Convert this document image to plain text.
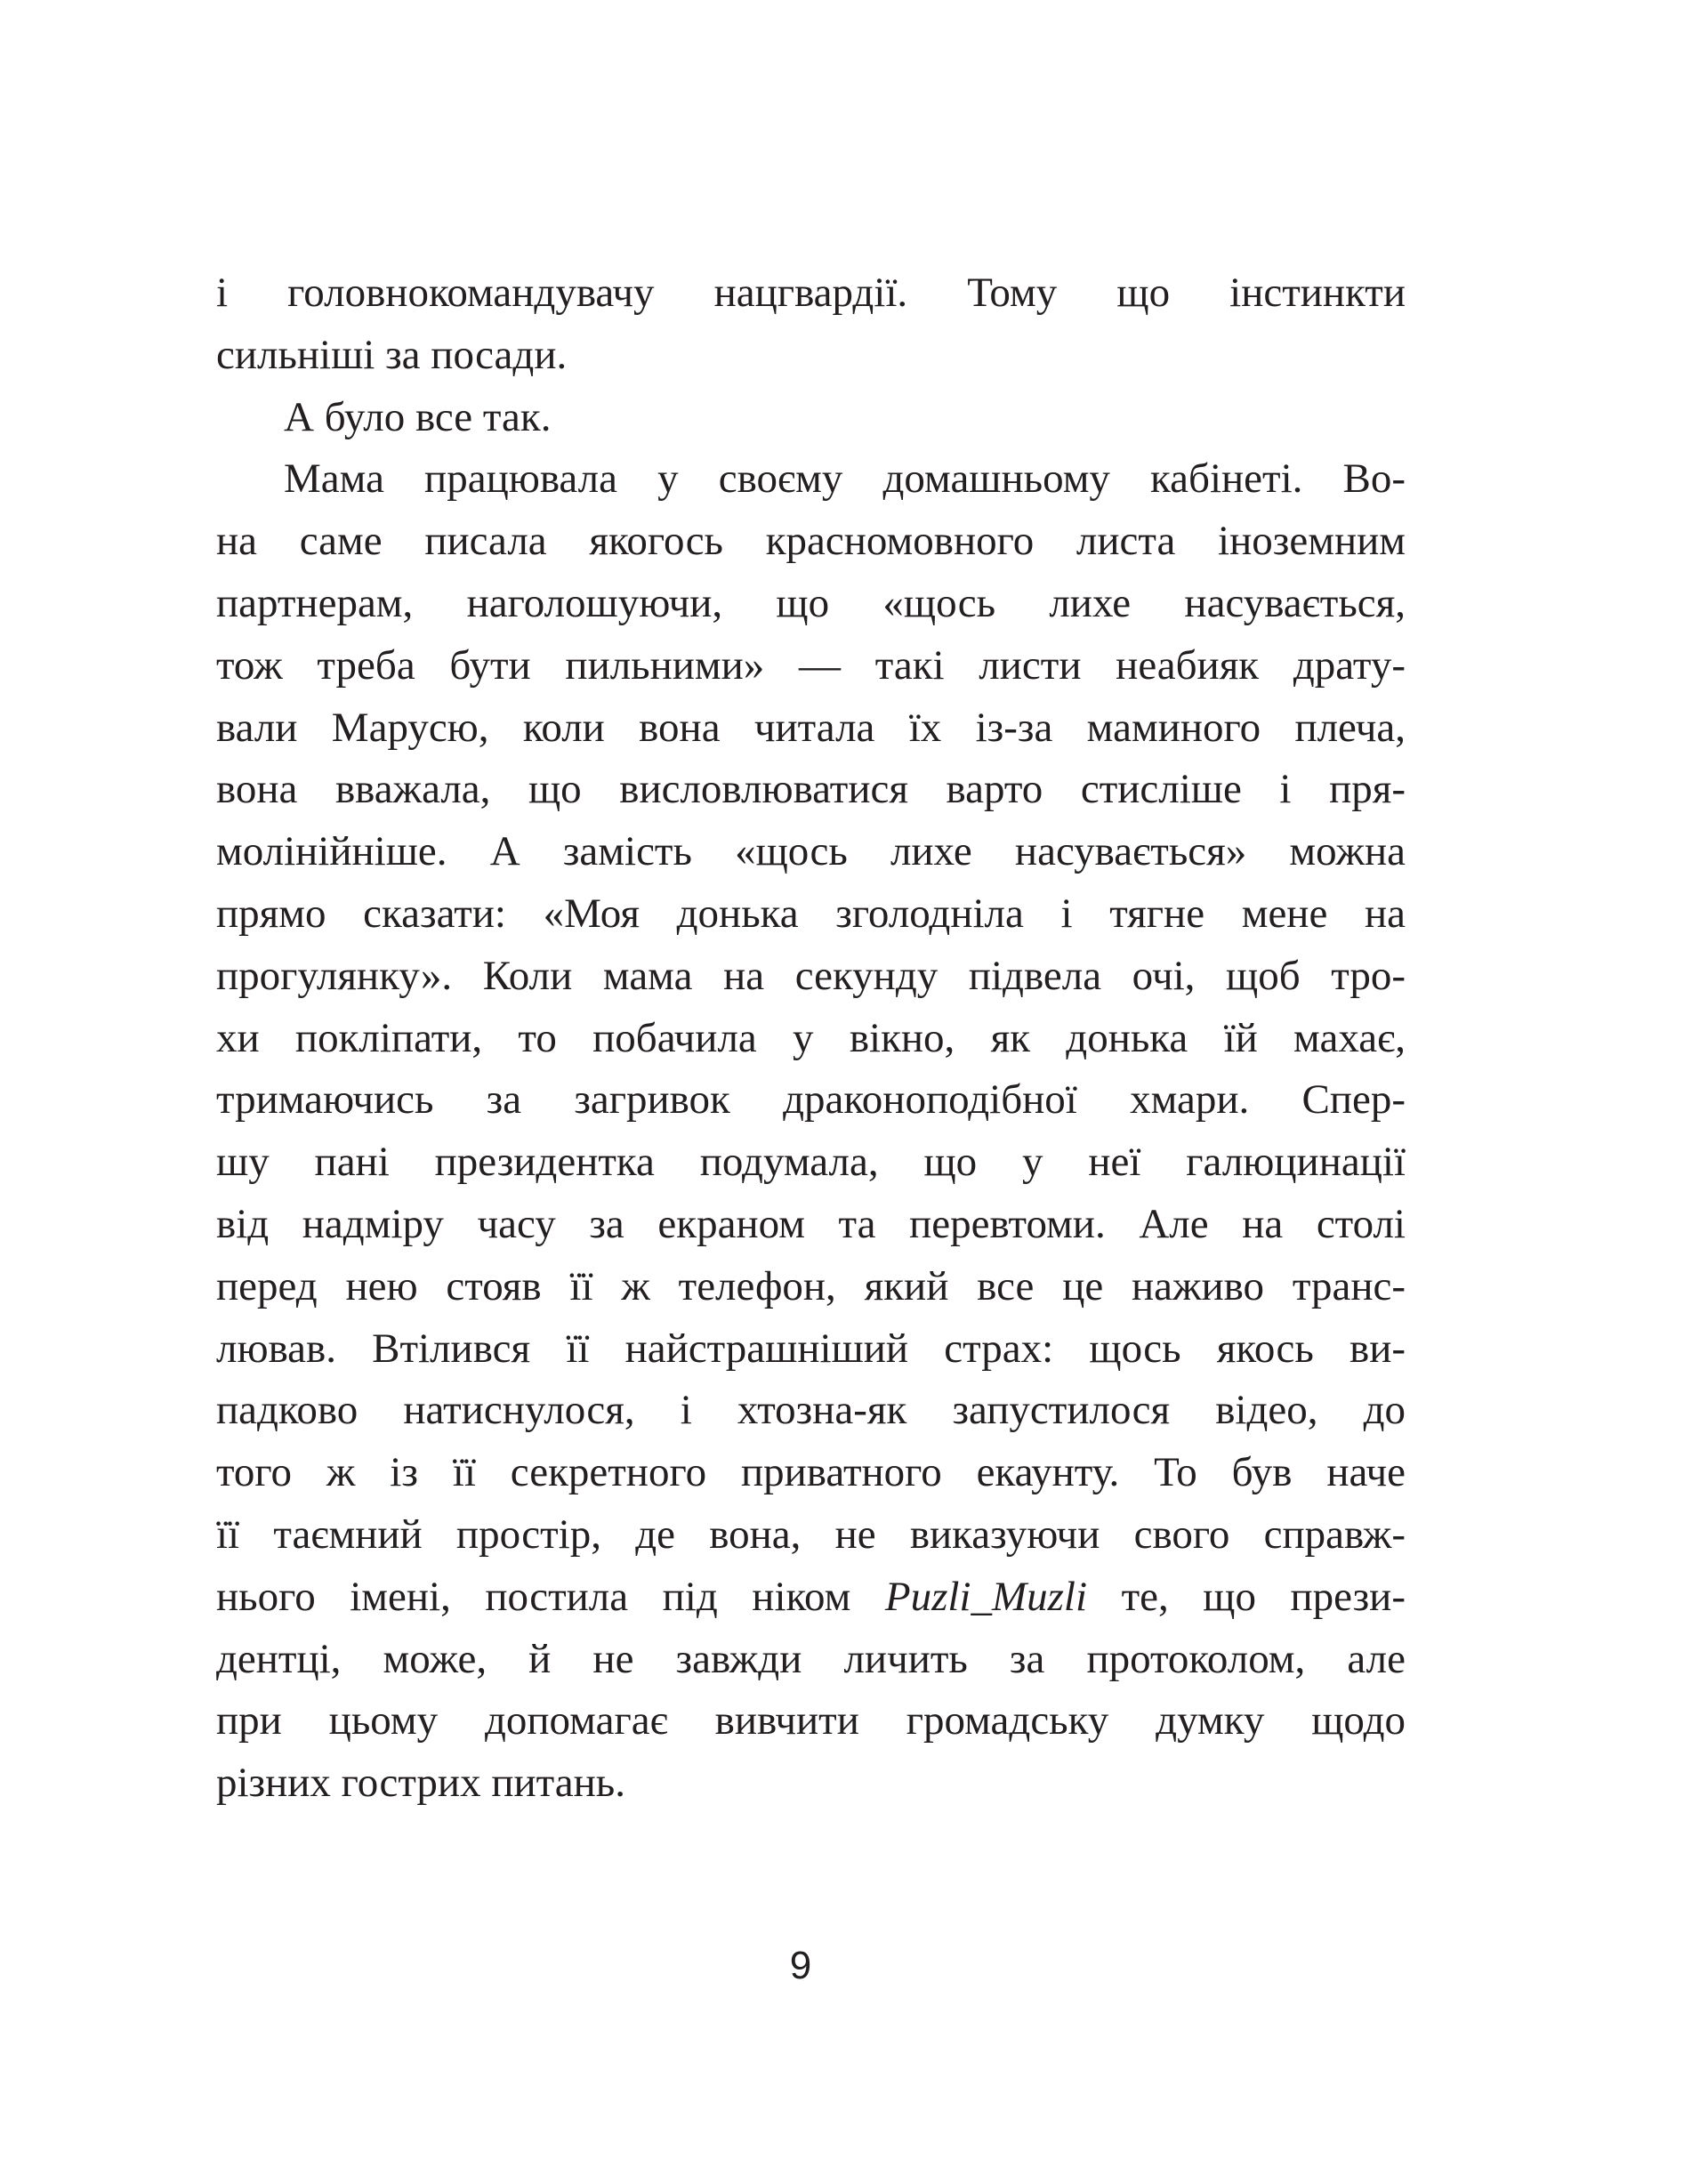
і головнокомандувачу нацгвардії. Тому що інстинкти
сильніші за посади.
А було все так.
Мама працювала у своєму домашньому кабінеті. Во-
на саме писала якогось красномовного листа іноземним
партнерам, наголошуючи, що «щось лихе насувається,
тож треба бути пильними» — такі листи неабияк драту-
вали Марусю, коли вона читала їх із-за маминого плеча,
вона вважала, що висловлюватися варто стисліше і пря-
молінійніше. А замість «щось лихе насувається» можна
прямо сказати: «Моя донька зголодніла і тягне мене на
прогулянку». Коли мама на секунду підвела очі, щоб тро-
хи покліпати, то побачила у вікно, як донька їй махає,
тримаючись за загривок драконоподібної хмари. Спер-
шу пані президентка подумала, що у неї галюцинації
від надміру часу за екраном та перевтоми. Але на столі
перед нею стояв її ж телефон, який все це наживо транс-
лював. Втілився її найстрашніший страх: щось якось ви-
падково натиснулося, і хтозна-як запустилося відео, до
того ж із її секретного приватного екаунту. То був наче
її таємний простір, де вона, не виказуючи свого справж-
нього імені, постила під ніком Puzli_Muzli те, що прези-
дентці, може, й не завжди личить за протоколом, але
при цьому допомагає вивчити громадську думку щодо
різних гострих питань.
9
